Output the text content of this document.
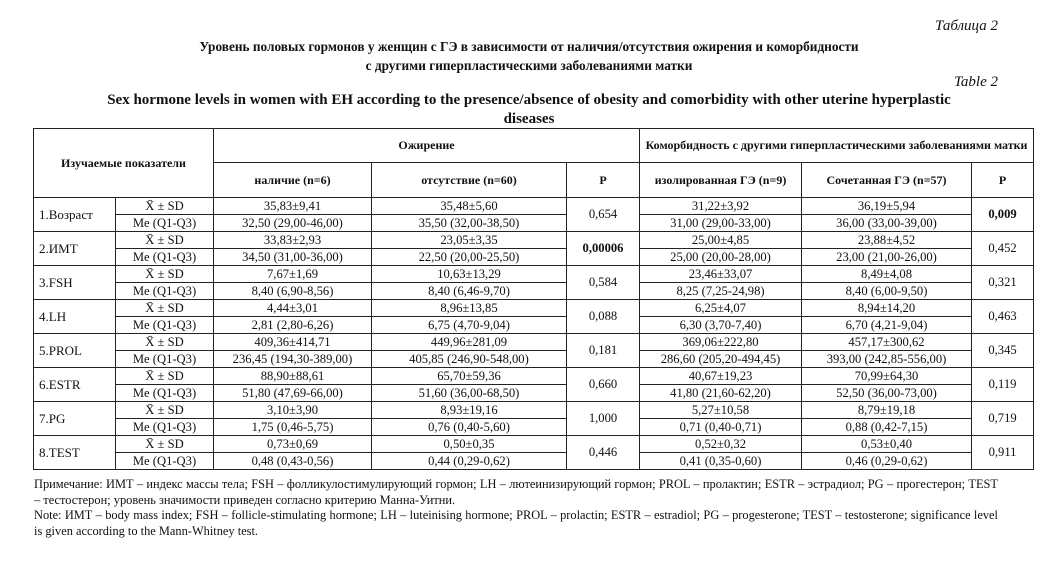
Таблица 2
Уровень половых гормонов у женщин с ГЭ в зависимости от наличия/отсутствия ожирения и коморбидности
с другими гиперпластическими заболеваниями матки
Table 2
Sex hormone levels in women with EH according to the presence/absence of obesity and comorbidity with other uterine hyperplastic
diseases
Изучаемые показатели		Ожирение			Коморбидность с другими гиперпластическими заболеваниями матки		
		наличие (n=6)	отсутствие (n=60)	P	изолированная ГЭ (n=9)	Сочетанная ГЭ (n=57)	P
1.Возраст	X̄ ± SD	35,83±9,41	35,48±5,60	0,654	31,22±3,92	36,19±5,94	0,009
	Me (Q1-Q3)	32,50 (29,00-46,00)	35,50 (32,00-38,50)		31,00 (29,00-33,00)	36,00 (33,00-39,00)	
2.ИМТ	X̄ ± SD	33,83±2,93	23,05±3,35	0,00006	25,00±4,85	23,88±4,52	0,452
	Me (Q1-Q3)	34,50 (31,00-36,00)	22,50 (20,00-25,50)		25,00 (20,00-28,00)	23,00 (21,00-26,00)	
3.FSH	X̄ ± SD	7,67±1,69	10,63±13,29	0,584	23,46±33,07	8,49±4,08	0,321
	Me (Q1-Q3)	8,40 (6,90-8,56)	8,40 (6,46-9,70)		8,25 (7,25-24,98)	8,40 (6,00-9,50)	
4.LH	X̄ ± SD	4,44±3,01	8,96±13,85	0,088	6,25±4,07	8,94±14,20	0,463
	Me (Q1-Q3)	2,81 (2,80-6,26)	6,75 (4,70-9,04)		6,30 (3,70-7,40)	6,70 (4,21-9,04)	
5.PROL	X̄ ± SD	409,36±414,71	449,96±281,09	0,181	369,06±222,80	457,17±300,62	0,345
	Me (Q1-Q3)	236,45 (194,30-389,00)	405,85 (246,90-548,00)		286,60 (205,20-494,45)	393,00 (242,85-556,00)	
6.ESTR	X̄ ± SD	88,90±88,61	65,70±59,36	0,660	40,67±19,23	70,99±64,30	0,119
	Me (Q1-Q3)	51,80 (47,69-66,00)	51,60 (36,00-68,50)		41,80 (21,60-62,20)	52,50 (36,00-73,00)	
7.PG	X̄ ± SD	3,10±3,90	8,93±19,16	1,000	5,27±10,58	8,79±19,18	0,719
	Me (Q1-Q3)	1,75 (0,46-5,75)	0,76 (0,40-5,60)		0,71 (0,40-0,71)	0,88 (0,42-7,15)	
8.TEST	X̄ ± SD	0,73±0,69	0,50±0,35	0,446	0,52±0,32	0,53±0,40	0,911
	Me (Q1-Q3)	0,48 (0,43-0,56)	0,44 (0,29-0,62)		0,41 (0,35-0,60)	0,46 (0,29-0,62)	

Примечание: ИМТ – индекс массы тела; FSH – фолликулостимулирующий гормон; LH – лютеинизирующий гормон; PROL – пролактин; ESTR – эстрадиол; PG – прогестерон; TEST – тестостерон; уровень значимости приведен согласно критерию Манна-Уитни.

Note: ИМТ – body mass index; FSH – follicle-stimulating hormone; LH – luteinising hormone; PROL – prolactin; ESTR – estradiol; PG – progesterone; TEST – testosterone; significance level is given according to the Mann-Whitney test.
